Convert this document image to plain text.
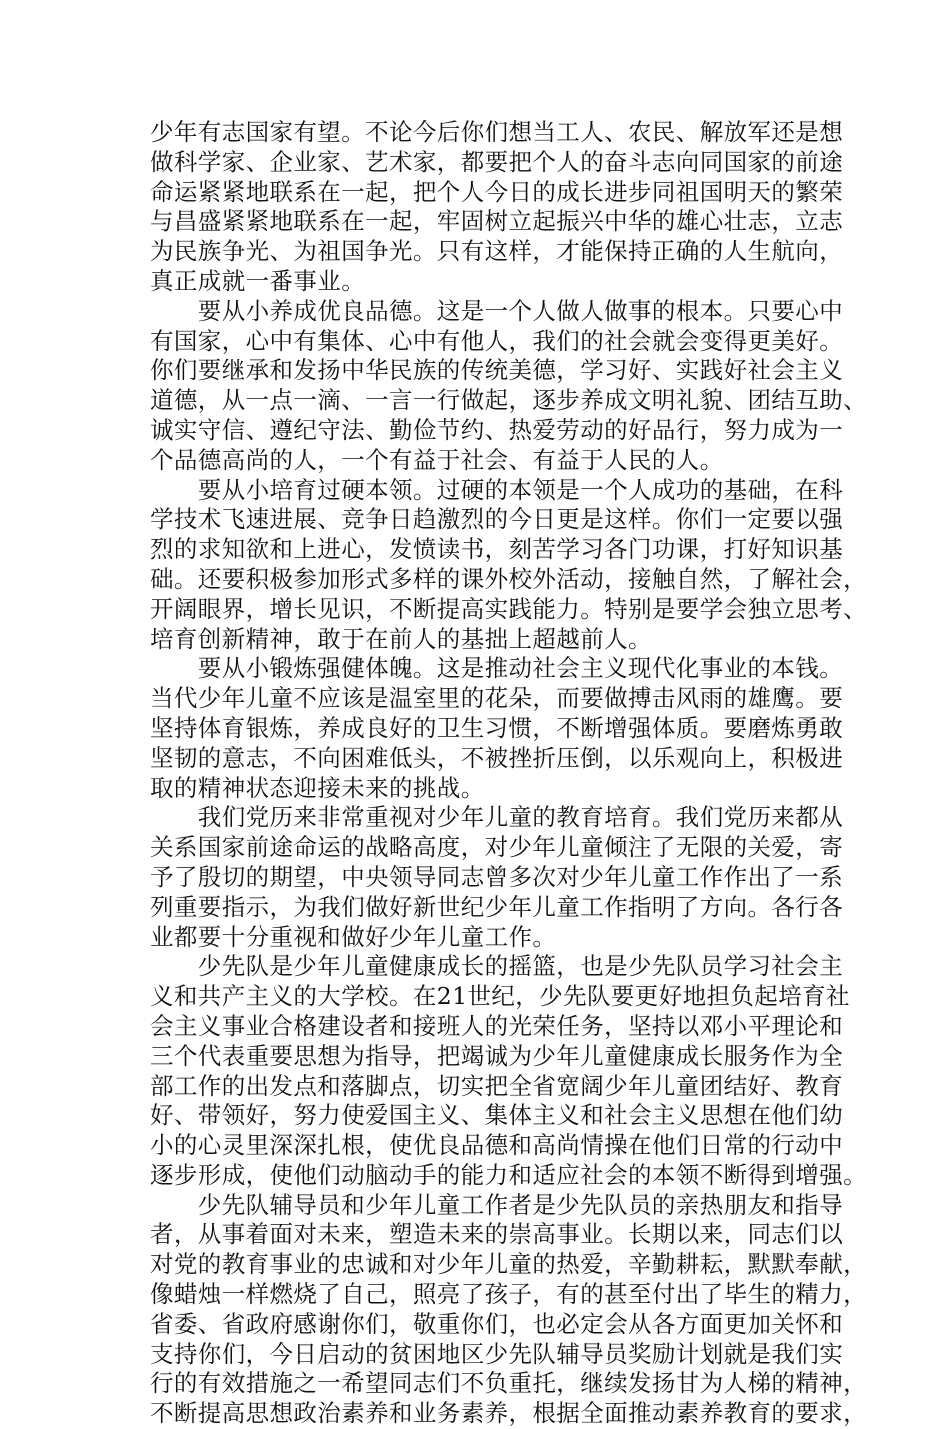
少年有志国家有望。不论今后你们想当工人、农民、解放军还是想
做科学家、企业家、艺术家，都要把个人的奋斗志向同国家的前途
命运紧紧地联系在一起，把个人今日的成长进步同祖国明天的繁荣
与昌盛紧紧地联系在一起，牢固树立起振兴中华的雄心壮志，立志
为民族争光、为祖国争光。只有这样，才能保持正确的人生航向，
真正成就一番事业。
　　要从小养成优良品德。这是一个人做人做事的根本。只要心中
有国家，心中有集体、心中有他人，我们的社会就会变得更美好。
你们要继承和发扬中华民族的传统美德，学习好、实践好社会主义
道德，从一点一滴、一言一行做起，逐步养成文明礼貌、团结互助、
诚实守信、遵纪守法、勤俭节约、热爱劳动的好品行，努力成为一
个品德高尚的人，一个有益于社会、有益于人民的人。
　　要从小培育过硬本领。过硬的本领是一个人成功的基础，在科
学技术飞速进展、竞争日趋激烈的今日更是这样。你们一定要以强
烈的求知欲和上进心，发愤读书，刻苦学习各门功课，打好知识基
础。还要积极参加形式多样的课外校外活动，接触自然，了解社会，
开阔眼界，增长见识，不断提高实践能力。特别是要学会独立思考、
培育创新精神，敢于在前人的基拙上超越前人。
　　要从小锻炼强健体魄。这是推动社会主义现代化事业的本钱。
当代少年儿童不应该是温室里的花朵，而要做搏击风雨的雄鹰。要
坚持体育银炼，养成良好的卫生习惯，不断增强体质。要磨炼勇敢
坚韧的意志，不向困难低头，不被挫折压倒，以乐观向上，积极进
取的精神状态迎接未来的挑战。
　　我们党历来非常重视对少年儿童的教育培育。我们党历来都从
关系国家前途命运的战略高度，对少年儿童倾注了无限的关爱，寄
予了殷切的期望，中央领导同志曾多次对少年儿童工作作出了一系
列重要指示，为我们做好新世纪少年儿童工作指明了方向。各行各
业都要十分重视和做好少年儿童工作。
　　少先队是少年儿童健康成长的摇篮，也是少先队员学习社会主
义和共产主义的大学校。在21世纪，少先队要更好地担负起培育社
会主义事业合格建设者和接班人的光荣任务，坚持以邓小平理论和
三个代表重要思想为指导，把竭诚为少年儿童健康成长服务作为全
部工作的出发点和落脚点，切实把全省宽阔少年儿童团结好、教育
好、带领好，努力使爱国主义、集体主义和社会主义思想在他们幼
小的心灵里深深扎根，使优良品德和高尚情操在他们日常的行动中
逐步形成，使他们动脑动手的能力和适应社会的本领不断得到增强。
　　少先队辅导员和少年儿童工作者是少先队员的亲热朋友和指导
者，从事着面对未来，塑造未来的崇高事业。长期以来，同志们以
对党的教育事业的忠诚和对少年儿童的热爱，辛勤耕耘，默默奉献，
像蜡烛一样燃烧了自己，照亮了孩子，有的甚至付出了毕生的精力，
省委、省政府感谢你们，敬重你们，也必定会从各方面更加关怀和
支持你们，今日启动的贫困地区少先队辅导员奖励计划就是我们实
行的有效措施之一希望同志们不负重托，继续发扬甘为人梯的精神，
不断提高思想政治素养和业务素养，根据全面推动素养教育的要求，
